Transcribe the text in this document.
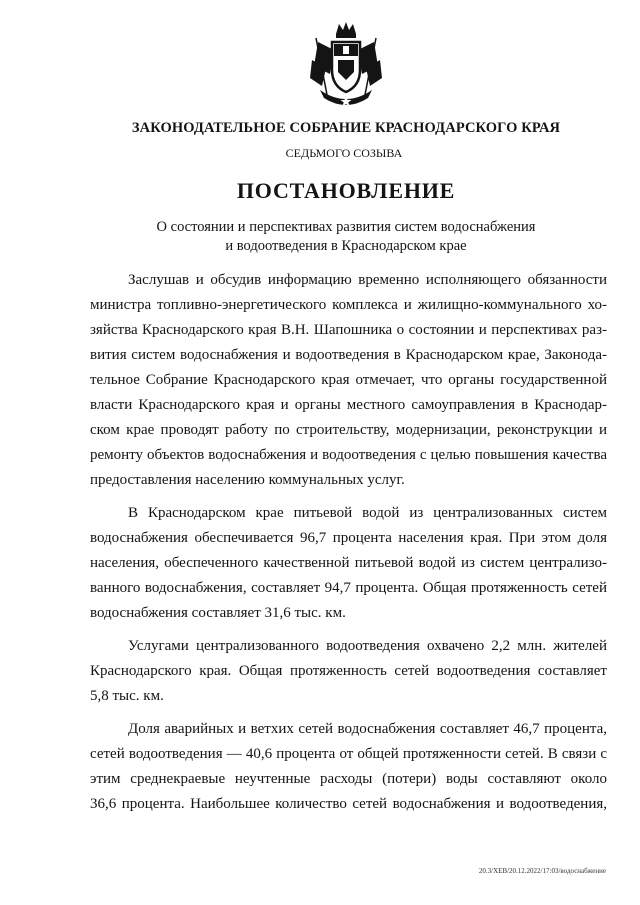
ЗАКОНОДАТЕЛЬНОЕ СОБРАНИЕ КРАСНОДАРСКОГО КРАЯ
СЕДЬМОГО СОЗЫВА
ПОСТАНОВЛЕНИЕ
О состоянии и перспективах развития систем водоснабжения
и водоотведения в Краснодарском крае
Заслушав и обсудив информацию временно исполняющего обязанности
министра топливно-энергетического комплекса и жилищно-коммунального хо-
зяйства Краснодарского края В.Н. Шапошника о состоянии и перспективах раз-
вития систем водоснабжения и водоотведения в Краснодарском крае, Законода-
тельное Собрание Краснодарского края отмечает, что органы государственной
власти Краснодарского края и органы местного самоуправления в Краснодар-
ском крае проводят работу по строительству, модернизации, реконструкции и
ремонту объектов водоснабжения и водоотведения с целью повышения качества
предоставления населению коммунальных услуг.
В Краснодарском крае питьевой водой из централизованных систем
водоснабжения обеспечивается 96,7 процента населения края. При этом доля
населения, обеспеченного качественной питьевой водой из систем централизо-
ванного водоснабжения, составляет 94,7 процента. Общая протяженность сетей
водоснабжения составляет 31,6 тыс. км.
Услугами централизованного водоотведения охвачено 2,2 млн. жителей
Краснодарского края. Общая протяженность сетей водоотведения составляет
5,8 тыс. км.
Доля аварийных и ветхих сетей водоснабжения составляет 46,7 процента,
сетей водоотведения — 40,6 процента от общей протяженности сетей. В связи с
этим среднекраевые неучтенные расходы (потери) воды составляют около
36,6 процента. Наибольшее количество сетей водоснабжения и водоотведения,
20.3/ХЕВ/20.12.2022/17:03/водоснабжение
